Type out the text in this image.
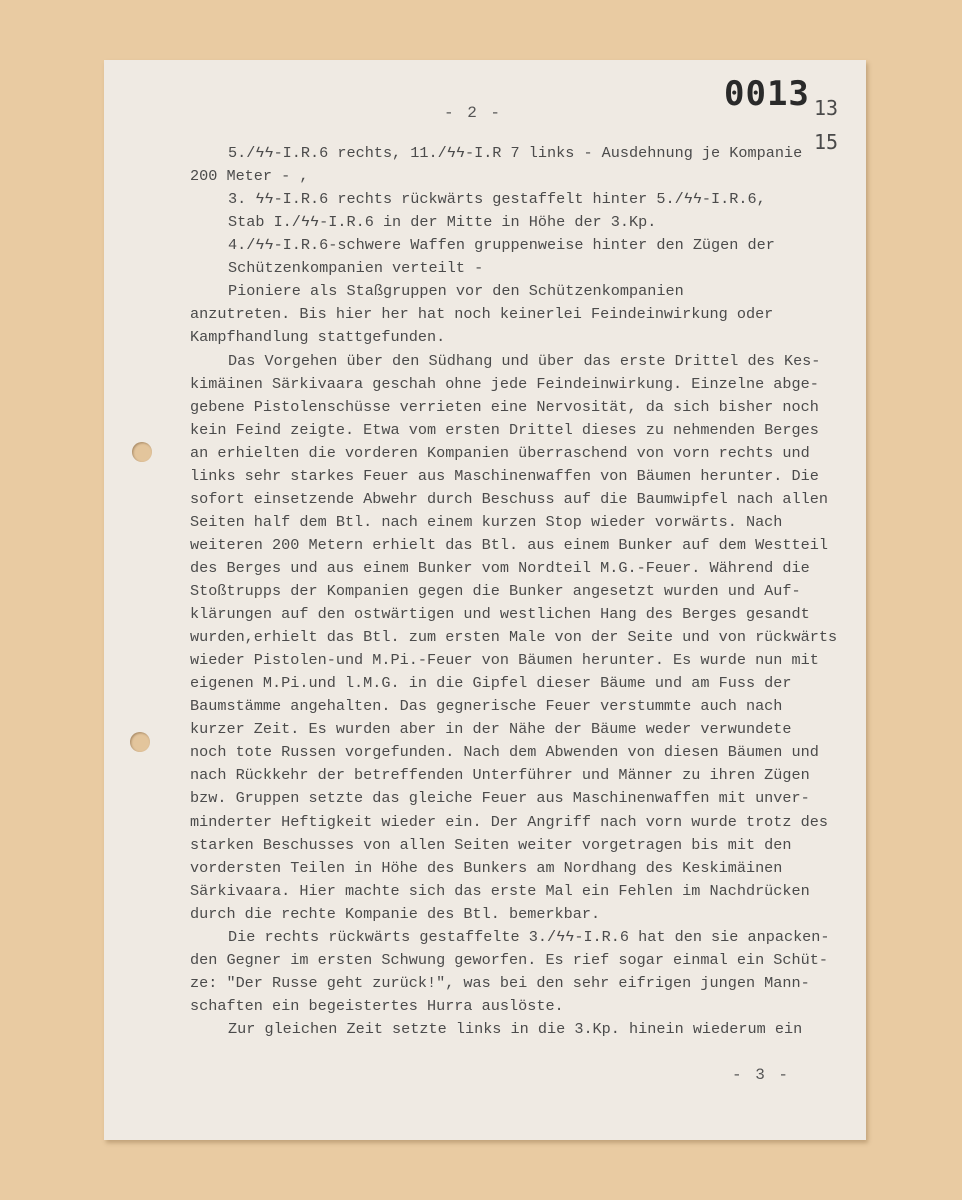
0013 13
15
- 2 -
5./ϟϟ-I.R.6 rechts, 11./ϟϟ-I.R 7 links - Ausdehnung je Kompanie
200 Meter - ,
3. ϟϟ-I.R.6 rechts rückwärts gestaffelt hinter 5./ϟϟ-I.R.6,
Stab I./ϟϟ-I.R.6 in der Mitte in Höhe der 3.Kp.
4./ϟϟ-I.R.6-schwere Waffen gruppenweise hinter den Zügen der
Schützenkompanien verteilt -
Pioniere als Staßgruppen vor den Schützenkompanien
anzutreten. Bis hier her hat noch keinerlei Feindeinwirkung oder
Kampfhandlung stattgefunden.
Das Vorgehen über den Südhang und über das erste Drittel des Kes-
kimäinen Särkivaara geschah ohne jede Feindeinwirkung. Einzelne abge-
gebene Pistolenschüsse verrieten eine Nervosität, da sich bisher noch
kein Feind zeigte. Etwa vom ersten Drittel dieses zu nehmenden Berges
an erhielten die vorderen Kompanien überraschend von vorn rechts und
links sehr starkes Feuer aus Maschinenwaffen von Bäumen herunter. Die
sofort einsetzende Abwehr durch Beschuss auf die Baumwipfel nach allen
Seiten half dem Btl. nach einem kurzen Stop wieder vorwärts. Nach
weiteren 200 Metern erhielt das Btl. aus einem Bunker auf dem Westteil
des Berges und aus einem Bunker vom Nordteil M.G.-Feuer. Während die
Stoßtrupps der Kompanien gegen die Bunker angesetzt wurden und Auf-
klärungen auf den ostwärtigen und westlichen Hang des Berges gesandt
wurden,erhielt das Btl. zum ersten Male von der Seite und von rückwärts
wieder Pistolen-und M.Pi.-Feuer von Bäumen herunter. Es wurde nun mit
eigenen M.Pi.und l.M.G. in die Gipfel dieser Bäume und am Fuss der
Baumstämme angehalten. Das gegnerische Feuer verstummte auch nach
kurzer Zeit. Es wurden aber in der Nähe der Bäume weder verwundete
noch tote Russen vorgefunden. Nach dem Abwenden von diesen Bäumen und
nach Rückkehr der betreffenden Unterführer und Männer zu ihren Zügen
bzw. Gruppen setzte das gleiche Feuer aus Maschinenwaffen mit unver-
minderter Heftigkeit wieder ein. Der Angriff nach vorn wurde trotz des
starken Beschusses von allen Seiten weiter vorgetragen bis mit den
vordersten Teilen in Höhe des Bunkers am Nordhang des Keskimäinen
Särkivaara. Hier machte sich das erste Mal ein Fehlen im Nachdrücken
durch die rechte Kompanie des Btl. bemerkbar.
Die rechts rückwärts gestaffelte 3./ϟϟ-I.R.6 hat den sie anpacken-
den Gegner im ersten Schwung geworfen. Es rief sogar einmal ein Schüt-
ze: "Der Russe geht zurück!", was bei den sehr eifrigen jungen Mann-
schaften ein begeistertes Hurra auslöste.
Zur gleichen Zeit setzte links in die 3.Kp. hinein wiederum ein
- 3 -
